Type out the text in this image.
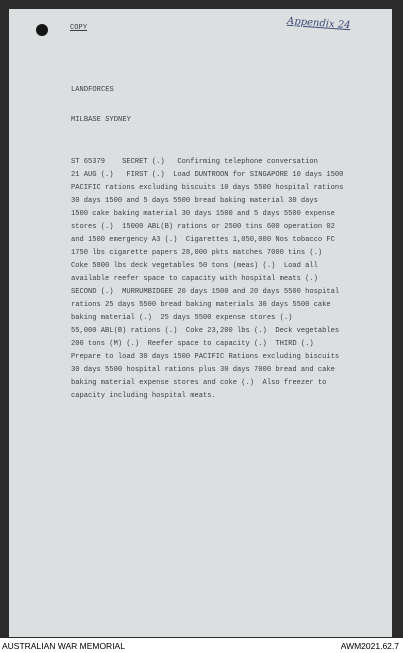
COPY	Appendix 24
LANDFORCES
MILBASE SYDNEY
ST 65379    SECRET (.)   Confirming telephone conversation
21 AUG (.)   FIRST (.)  Load DUNTROON for SINGAPORE 10 days 1500
PACIFIC rations excluding biscuits 10 days 5500 hospital rations
30 days 1500 and 5 days 5500 bread baking material 30 days
1500 cake baking material 30 days 1500 and 5 days 5500 expense
stores (.)  15000 ABL(B) rations or 2500 tins 600 operation 02
and 1500 emergency A3 (.)  Cigarettes 1,050,000 Nos tobacco FC
1750 lbs cigarette papers 28,000 pkts matches 7000 tins (.)
Coke 5800 lbs deck vegetables 50 tons (meas) (.)  Load all
available reefer space to capacity with hospital meats (.)
SECOND (.)  MURRUMBIDGEE 20 days 1500 and 20 days 5500 hospital
rations 25 days 5500 bread baking materials 30 days 5500 cake
baking material (.)  25 days 5500 expense stores (.)
55,000 ABL(B) rations (.)  Coke 23,200 lbs (.)  Deck vegetables
200 tons (M) (.)  Reefer space to capacity (.)  THIRD (.)
Prepare to load 30 days 1500 PACIFIC Rations excluding biscuits
30 days 5500 hospital rations plus 30 days 7000 bread and cake
baking material expense stores and coke (.)  Also freezer to
capacity including hospital meats.
AUSTRALIAN WAR MEMORIAL	AWM2021.62.7
